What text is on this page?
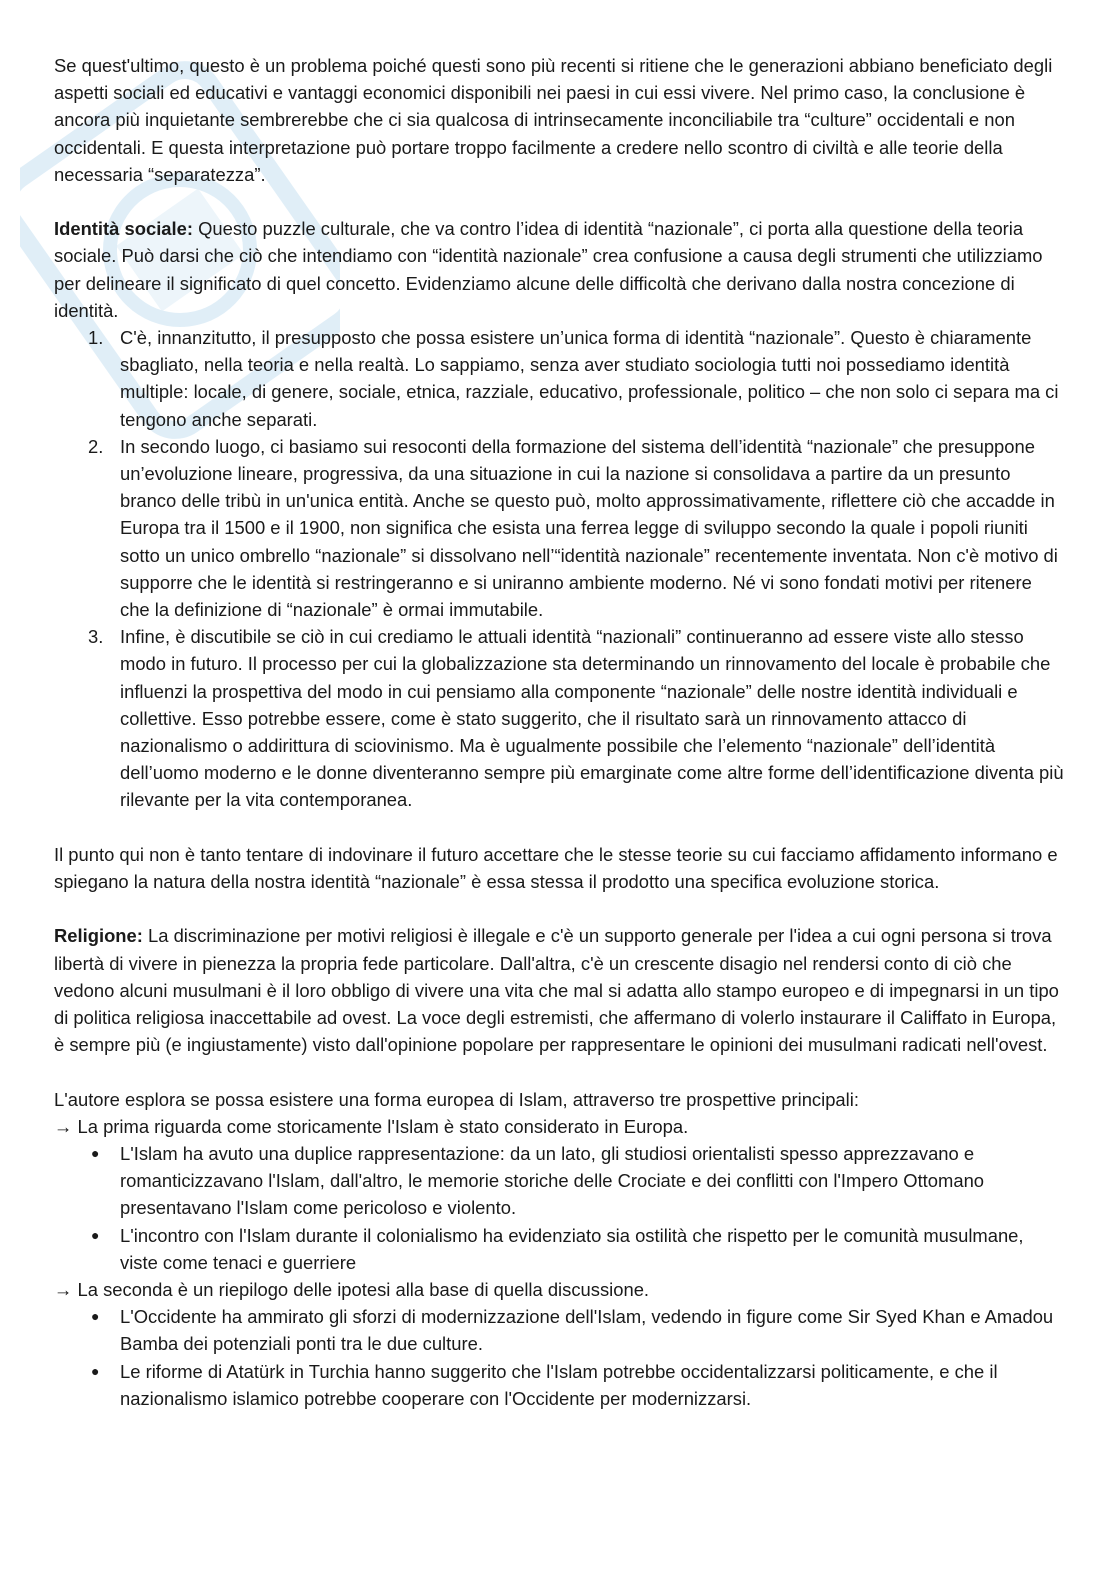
Se quest'ultimo, questo è un problema poiché questi sono più recenti si ritiene che le generazioni abbiano beneficiato degli aspetti sociali ed educativi e vantaggi economici disponibili nei paesi in cui essi vivere. Nel primo caso, la conclusione è ancora più inquietante sembrerebbe che ci sia qualcosa di intrinsecamente inconciliabile tra “culture” occidentali e non occidentali. E questa interpretazione può portare troppo facilmente a credere nello scontro di civiltà e alle teorie della necessaria “separatezza”.

Identità sociale: Questo puzzle culturale, che va contro l’idea di identità “nazionale”, ci porta alla questione della teoria sociale. Può darsi che ciò che intendiamo con “identità nazionale” crea confusione a causa degli strumenti che utilizziamo per delineare il significato di quel concetto. Evidenziamo alcune delle difficoltà che derivano dalla nostra concezione di identità.

1. C'è, innanzitutto, il presupposto che possa esistere un’unica forma di identità “nazionale”. Questo è chiaramente sbagliato, nella teoria e nella realtà. Lo sappiamo, senza aver studiato sociologia tutti noi possediamo identità multiple: locale, di genere, sociale, etnica, razziale, educativo, professionale, politico – che non solo ci separa ma ci tengono anche separati.
2. In secondo luogo, ci basiamo sui resoconti della formazione del sistema dell’identità “nazionale” che presuppone un’evoluzione lineare, progressiva, da una situazione in cui la nazione si consolidava a partire da un presunto branco delle tribù in un'unica entità. Anche se questo può, molto approssimativamente, riflettere ciò che accadde in Europa tra il 1500 e il 1900, non significa che esista una ferrea legge di sviluppo secondo la quale i popoli riuniti sotto un unico ombrello “nazionale” si dissolvano nell’“identità nazionale” recentemente inventata. Non c'è motivo di supporre che le identità si restringeranno e si uniranno ambiente moderno. Né vi sono fondati motivi per ritenere che la definizione di “nazionale” è ormai immutabile.
3. Infine, è discutibile se ciò in cui crediamo le attuali identità “nazionali” continueranno ad essere viste allo stesso modo in futuro. Il processo per cui la globalizzazione sta determinando un rinnovamento del locale è probabile che influenzi la prospettiva del modo in cui pensiamo alla componente “nazionale” delle nostre identità individuali e collettive. Esso potrebbe essere, come è stato suggerito, che il risultato sarà un rinnovamento attacco di nazionalismo o addirittura di sciovinismo. Ma è ugualmente possibile che l’elemento “nazionale” dell’identità dell’uomo moderno e le donne diventeranno sempre più emarginate come altre forme dell’identificazione diventa più rilevante per la vita contemporanea.

Il punto qui non è tanto tentare di indovinare il futuro accettare che le stesse teorie su cui facciamo affidamento informano e spiegano la natura della nostra identità “nazionale” è essa stessa il prodotto una specifica evoluzione storica.

Religione: La discriminazione per motivi religiosi è illegale e c'è un supporto generale per l'idea a cui ogni persona si trova libertà di vivere in pienezza la propria fede particolare. Dall'altra, c'è un crescente disagio nel rendersi conto di ciò che vedono alcuni musulmani è il loro obbligo di vivere una vita che mal si adatta allo stampo europeo e di impegnarsi in un tipo di politica religiosa inaccettabile ad ovest. La voce degli estremisti, che affermano di volerlo instaurare il Califfato in Europa, è sempre più (e ingiustamente) visto dall'opinione popolare per rappresentare le opinioni dei musulmani radicati nell'ovest.

L'autore esplora se possa esistere una forma europea di Islam, attraverso tre prospettive principali:

→ La prima riguarda come storicamente l'Islam è stato considerato in Europa.

● L'Islam ha avuto una duplice rappresentazione: da un lato, gli studiosi orientalisti spesso apprezzavano e romanticizzavano l'Islam, dall'altro, le memorie storiche delle Crociate e dei conflitti con l'Impero Ottomano presentavano l'Islam come pericoloso e violento.
● L'incontro con l'Islam durante il colonialismo ha evidenziato sia ostilità che rispetto per le comunità musulmane, viste come tenaci e guerriere

→ La seconda è un riepilogo delle ipotesi alla base di quella discussione.

● L'Occidente ha ammirato gli sforzi di modernizzazione dell'Islam, vedendo in figure come Sir Syed Khan e Amadou Bamba dei potenziali ponti tra le due culture.
● Le riforme di Atatürk in Turchia hanno suggerito che l'Islam potrebbe occidentalizzarsi politicamente, e che il nazionalismo islamico potrebbe cooperare con l'Occidente per modernizzarsi.
